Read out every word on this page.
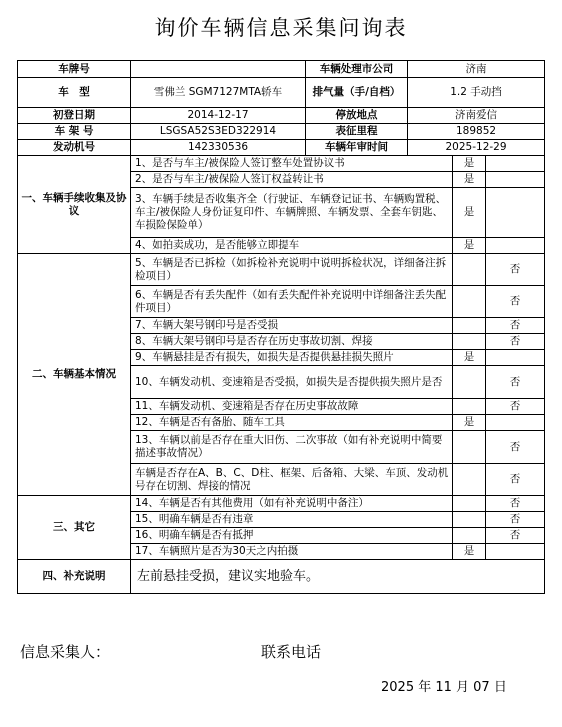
询价车辆信息采集问询表
车牌号		车辆处理市公司	济南		
车　型	雪佛兰 SGM7127MTA轿车	排气量（手/自档）	1.2 手动挡		
初登日期	2014-12-17	停放地点	济南爱信		
车 架 号	LSGSA52S3ED322914	表征里程	189852		
发动机号	142330536	车辆年审时间	2025-12-29		
一、车辆手续收集及协议	1、是否与车主/被保险人签订整车处置协议书			是	
	2、是否与车主/被保险人签订权益转让书			是	
	3、车辆手续是否收集齐全（行驶证、车辆登记证书、车辆购置税、车主/被保险人身份证复印件、车辆牌照、车辆发票、全套车钥匙、车损险保险单）			是	
	4、如拍卖成功，是否能够立即提车			是	
二、车辆基本情况	5、车辆是否已拆检（如拆检补充说明中说明拆检状况，详细备注拆检项目）				否
	6、车辆是否有丢失配件（如有丢失配件补充说明中详细备注丢失配件项目）				否
	7、车辆大架号钢印号是否受损				否
	8、车辆大架号钢印号是否存在历史事故切割、焊接				否
	9、车辆悬挂是否有损失，如损失是否提供悬挂损失照片			是	
	10、车辆发动机、变速箱是否受损，如损失是否提供损失照片是否				否
	11、车辆发动机、变速箱是否存在历史事故故障				否
	12、车辆是否有备胎、随车工具			是	
	13、车辆以前是否存在重大旧伤、二次事故（如有补充说明中简要描述事故情况）				否
	车辆是否存在A、B、C、D柱、框架、后备箱、大梁、车顶、发动机号存在切割、焊接的情况				否
三、其它	14、车辆是否有其他费用（如有补充说明中备注）				否
	15、明确车辆是否有违章				否
	16、明确车辆是否有抵押				否
	17、车辆照片是否为30天之内拍摄			是	
四、补充说明	左前悬挂受损，建议实地验车。				
信息采集人：	联系电话
2025 年 11 月 07 日
